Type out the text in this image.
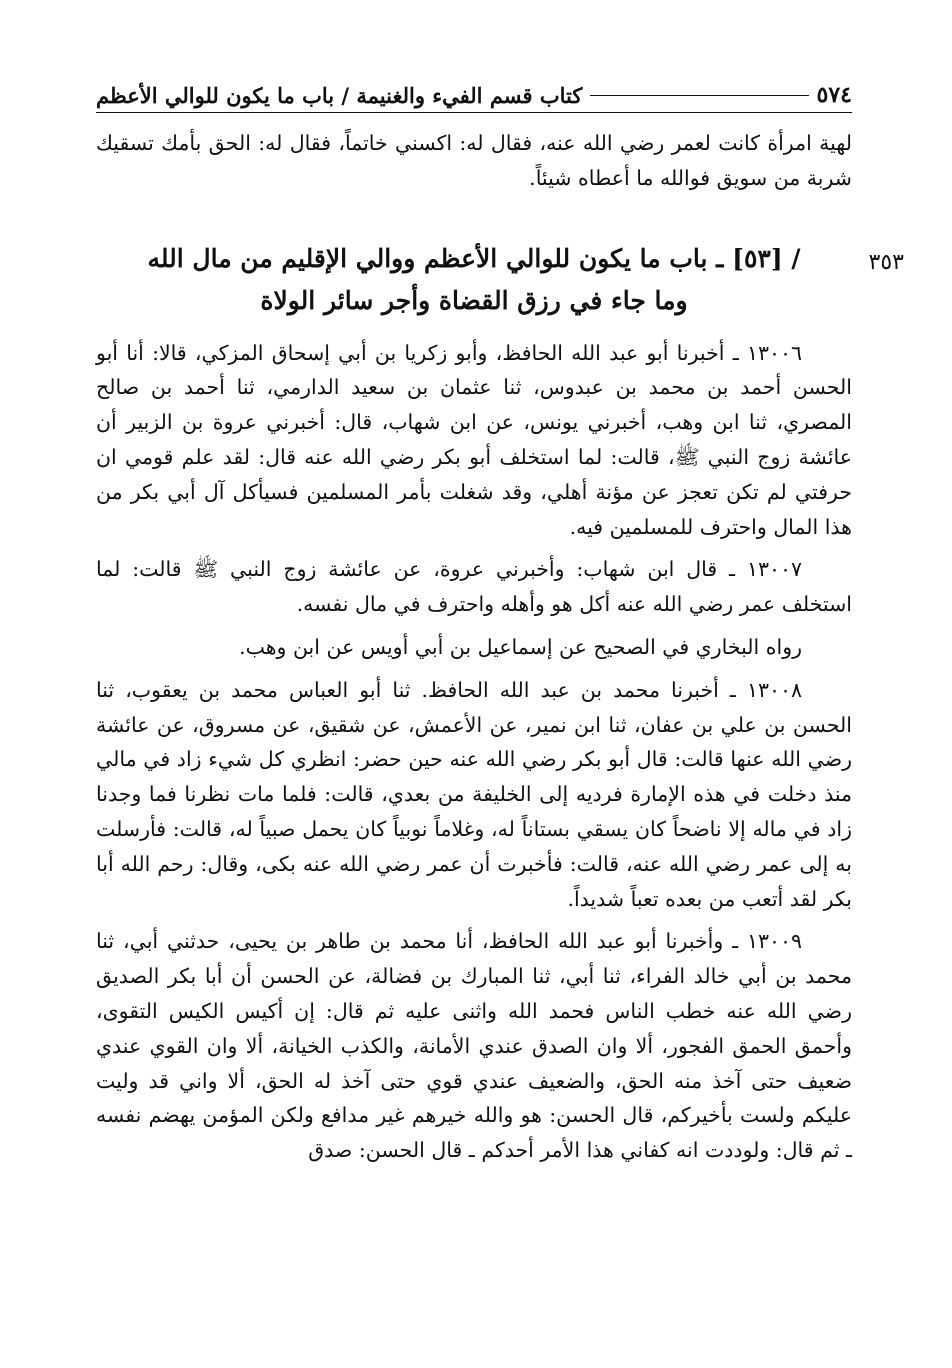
٥٧٤
كتاب قسم الفيء والغنيمة / باب ما يكون للوالي الأعظم
٣٥٣

لهية امرأة كانت لعمر رضي الله عنه، فقال له: اكسني خاتماً، فقال له: الحق بأمك تسقيك شربة من سويق فوالله ما أعطاه شيئاً.

/ [٥٣] ـ باب ما يكون للوالي الأعظم ووالي الإقليم من مال الله
وما جاء في رزق القضاة وأجر سائر الولاة

١٣٠٠٦ ـ أخبرنا أبو عبد الله الحافظ، وأبو زكريا بن أبي إسحاق المزكي، قالا: أنا أبو الحسن أحمد بن محمد بن عبدوس، ثنا عثمان بن سعيد الدارمي، ثنا أحمد بن صالح المصري، ثنا ابن وهب، أخبرني يونس، عن ابن شهاب، قال: أخبرني عروة بن الزبير أن عائشة زوج النبي ﷺ، قالت: لما استخلف أبو بكر رضي الله عنه قال: لقد علم قومي ان حرفتي لم تكن تعجز عن مؤنة أهلي، وقد شغلت بأمر المسلمين فسيأكل آل أبي بكر من هذا المال واحترف للمسلمين فيه.

١٣٠٠٧ ـ قال ابن شهاب: وأخبرني عروة، عن عائشة زوج النبي ﷺ قالت: لما استخلف عمر رضي الله عنه أكل هو وأهله واحترف في مال نفسه.

رواه البخاري في الصحيح عن إسماعيل بن أبي أويس عن ابن وهب.

١٣٠٠٨ ـ أخبرنا محمد بن عبد الله الحافظ. ثنا أبو العباس محمد بن يعقوب، ثنا الحسن بن علي بن عفان، ثنا ابن نمير، عن الأعمش، عن شقيق، عن مسروق، عن عائشة رضي الله عنها قالت: قال أبو بكر رضي الله عنه حين حضر: انظري كل شيء زاد في مالي منذ دخلت في هذه الإمارة فرديه إلى الخليفة من بعدي، قالت: فلما مات نظرنا فما وجدنا زاد في ماله إلا ناضحاً كان يسقي بستاناً له، وغلاماً نوبياً كان يحمل صبياً له، قالت: فأرسلت به إلى عمر رضي الله عنه، قالت: فأخبرت أن عمر رضي الله عنه بكى، وقال: رحم الله أبا بكر لقد أتعب من بعده تعباً شديداً.

١٣٠٠٩ ـ وأخبرنا أبو عبد الله الحافظ، أنا محمد بن طاهر بن يحيى، حدثني أبي، ثنا محمد بن أبي خالد الفراء، ثنا أبي، ثنا المبارك بن فضالة، عن الحسن أن أبا بكر الصديق رضي الله عنه خطب الناس فحمد الله واثنى عليه ثم قال: إن أكيس الكيس التقوى، وأحمق الحمق الفجور، ألا وان الصدق عندي الأمانة، والكذب الخيانة، ألا وان القوي عندي ضعيف حتى آخذ منه الحق، والضعيف عندي قوي حتى آخذ له الحق، ألا واني قد وليت عليكم ولست بأخيركم، قال الحسن: هو والله خيرهم غير مدافع ولكن المؤمن يهضم نفسه ـ ثم قال: ولوددت انه كفاني هذا الأمر أحدكم ـ قال الحسن: صدق
